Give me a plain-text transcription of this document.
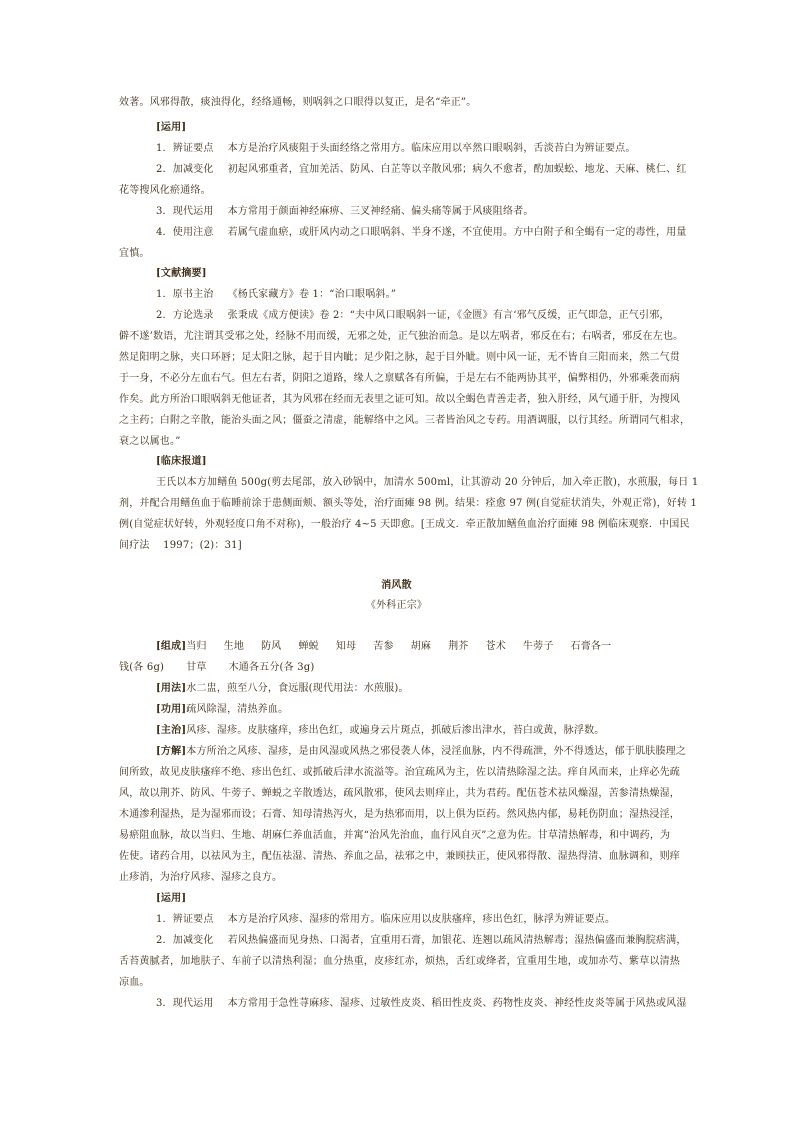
效著。风邪得散，痰浊得化，经络通畅，则㖞斜之口眼得以复正，是名“牵正”。
[运用]
1．辨证要点 本方是治疗风痰阻于头面经络之常用方。临床应用以卒然口眼㖞斜，舌淡苔白为辨证要点。
2．加减变化 初起风邪重者，宜加羌活、防风、白芷等以辛散风邪；病久不愈者，酌加蜈蚣、地龙、天麻、桃仁、红
花等搜风化瘀通络。
3．现代运用 本方常用于颜面神经麻痹、三叉神经痛、偏头痛等属于风痰阻络者。
4．使用注意 若属气虚血瘀，或肝风内动之口眼㖞斜、半身不遂，不宜使用。方中白附子和全蝎有一定的毒性，用量
宜慎。
[文献摘要]
1．原书主治 《杨氏家藏方》卷 1：“治口眼㖞斜。”
2．方论选录 张秉成《成方便读》卷 2：“夫中风口眼㖞斜一证，《金匮》有言‘邪气反缓，正气即急，正气引邪，
僻不遂’数语，尤注谓其受邪之处，经脉不用而缓，无邪之处，正气独治而急。是以左㖞者，邪反在右；右㖞者，邪反在左也。
然足阳明之脉，夹口环唇；足太阳之脉，起于目内眦；足少阳之脉，起于目外眦。则中风一证，无不皆自三阳而来，然二气贯
于一身，不必分左血右气。但左右者，阴阳之道路，缘人之禀赋各有所偏，于是左右不能两协其平，偏弊相仍，外邪乘袭而病
作矣。此方所治口眼㖞斜无他证者，其为风邪在经而无表里之证可知。故以全蝎色青善走者，独入肝经，风气通于肝，为搜风
之主药；白附之辛散，能治头面之风；僵蚕之清虚，能解络中之风。三者皆治风之专药。用酒调服，以行其经。所谓同气相求，
衰之以属也。”
[临床报道]
王氏以本方加鳝鱼 500g(剪去尾部，放入砂锅中，加清水 500ml，让其游动 20 分钟后，加入牵正散)，水煎服，每日 1
剂，并配合用鳝鱼血于临睡前涂于患侧面颊、额头等处，治疗面瘫 98 例。结果：痊愈 97 例(自觉症状消失，外观正常)，好转 1
例(自觉症状好转，外观轻度口角不对称)，一般治疗 4~5 天即愈。[王成文．牵正散加鳝鱼血治疗面瘫 98 例临床观察．中国民
间疗法　 1997；(2)：31]
消风散
《外科正宗》
[组成]当归 生地 防风 蝉蜕 知母 苦参 胡麻 荆芥 苍术 牛蒡子 石膏各一
钱(各 6g) 甘草 木通各五分(各 3g)
[用法]水二盅，煎至八分，食远服(现代用法：水煎服)。
[功用]疏风除湿，清热养血。
[主治]风疹、湿疹。皮肤瘙痒，疹出色红，或遍身云片斑点，抓破后渗出津水，苔白或黄，脉浮数。
[方解]本方所治之风疹、湿疹，是由风湿或风热之邪侵袭人体，浸淫血脉，内不得疏泄，外不得透达，郁于肌肤腠理之
间所致，故见皮肤瘙痒不绝、疹出色红、或抓破后津水流溢等。治宜疏风为主，佐以清热除湿之法。痒自风而来，止痒必先疏
风，故以荆芥、防风、牛蒡子、蝉蜕之辛散透达，疏风散邪，使风去则痒止，共为君药。配伍苍术祛风燥湿，苦参清热燥湿，
木通渗利湿热，是为湿邪而设；石膏、知母清热泻火，是为热邪而用，以上俱为臣药。然风热内郁，易耗伤阴血；湿热浸淫，
易瘀阻血脉，故以当归、生地、胡麻仁养血活血，并寓“治风先治血，血行风自灭”之意为佐。甘草清热解毒，和中调药，为
佐使。诸药合用，以祛风为主，配伍祛湿、清热、养血之品，祛邪之中，兼顾扶正，使风邪得散、湿热得清、血脉调和，则痒
止疹消，为治疗风疹、湿疹之良方。
[运用]
1．辨证要点 本方是治疗风疹、湿疹的常用方。临床应用以皮肤瘙痒，疹出色红，脉浮为辨证要点。
2．加减变化 若风热偏盛而见身热、口渴者，宜重用石膏，加银花、连翘以疏风清热解毒；湿热偏盛而兼胸脘痞满，
舌苔黄腻者，加地肤子、车前子以清热利湿；血分热重，皮疹红赤，烦热，舌红或绛者，宜重用生地，或加赤芍、紫草以清热
凉血。
3．现代运用 本方常用于急性荨麻疹、湿疹、过敏性皮炎、稻田性皮炎、药物性皮炎、神经性皮炎等属于风热或风湿
